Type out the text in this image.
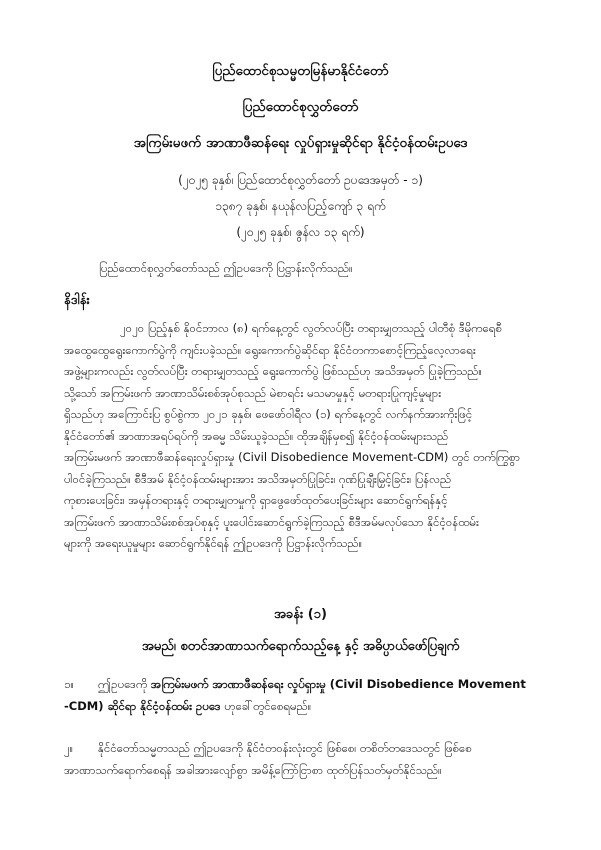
ပြည်ထောင်စုသမ္မတမြန်မာနိုင်ငံတော်
ပြည်ထောင်စုလွှတ်တော်
အကြမ်းမဖက် အာဏာဖီဆန်ရေး လှုပ်ရှားမှုဆိုင်ရာ နိုင်ငံ့ဝန်ထမ်းဥပဒေ
(၂၀၂၅ ခုနှစ်၊ ပြည်ထောင်စုလွှတ်တော် ဥပဒေအမှတ် - ၁)
၁၃၈၇ ခုနှစ်၊ နယုန်လပြည့်ကျော် ၃ ရက်
(၂၀၂၅ ခုနှစ်၊ ဇွန်လ ၁၃ ရက်)
ပြည်ထောင်စုလွှတ်တော်သည် ဤဥပဒေကို ပြဋ္ဌာန်းလိုက်သည်။
နိဒါန်း
၂၀၂၀ ပြည့်နှစ် နိုဝင်ဘာလ (၈) ရက်နေ့တွင် လွတ်လပ်ပြီး တရားမျှတသည့် ပါတီစုံ ဒီမိုကရေစီ
အထွေထွေရွေးကောက်ပွဲကို ကျင်းပခဲ့သည်။ ရွေးကောက်ပွဲဆိုင်ရာ နိုင်ငံတကာစောင့်ကြည့်လေ့လာရေး
အဖွဲ့များကလည်း လွတ်လပ်ပြီး တရားမျှတသည့် ရွေးကောက်ပွဲ ဖြစ်သည်ဟု အသိအမှတ် ပြုခဲ့ကြသည်။
သို့သော် အကြမ်းဖက် အာဏာသိမ်းစစ်အုပ်စုသည် မဲစာရင်း မသမာမှုနှင့် မတရားပြုကျင့်မှုများ
ရှိသည်ဟု အကြောင်းပြ စွပ်စွဲကာ ၂၀၂၁ ခုနှစ်၊ ဖေဖော်ဝါရီလ (၁) ရက်နေ့တွင် လက်နက်အားကိုးဖြင့်
နိုင်ငံတော်၏ အာဏာအရပ်ရပ်ကို အဓမ္မ သိမ်းယူခဲ့သည်။ ထိုအချိန်မှစ၍ နိုင်ငံ့ဝန်ထမ်းများသည်
အကြမ်းမဖက် အာဏာဖီဆန်ရေးလှုပ်ရှားမှု (Civil Disobedience Movement-CDM) တွင် တက်ကြွစွာ
ပါဝင်ခဲ့ကြသည်။ စီဒီအမ် နိုင်ငံ့ဝန်ထမ်းများအား အသိအမှတ်ပြုခြင်း၊ ဂုဏ်ပြုချီးမြှင့်ခြင်း၊ ပြန်လည်
ကုစားပေးခြင်း၊ အမှန်တရားနှင့် တရားမျှတမှုကို ရှာဖွေဖော်ထုတ်ပေးခြင်းများ ဆောင်ရွက်ရန်နှင့်
အကြမ်းဖက် အာဏာသိမ်းစစ်အုပ်စုနှင့် ပူးပေါင်းဆောင်ရွက်ခဲ့ကြသည့် စီဒီအမ်မလုပ်သော နိုင်ငံ့ဝန်ထမ်း
များကို အရေးယူမှုများ ဆောင်ရွက်နိုင်ရန် ဤဥပဒေကို ပြဋ္ဌာန်းလိုက်သည်။
အခန်း (၁)
အမည်၊ စတင်အာဏာသက်ရောက်သည့်နေ့ နှင့် အဓိပ္ပာယ်ဖော်ပြချက်
၁။ ဤဥပဒေကို အကြမ်းမဖက် အာဏာဖီဆန်ရေး လှုပ်ရှားမှု (Civil Disobedience Movement
-CDM) ဆိုင်ရာ နိုင်ငံ့ဝန်ထမ်း ဥပဒေ ဟုခေါ်တွင်စေရမည်။
၂။ နိုင်ငံတော်သမ္မတသည် ဤဥပဒေကို နိုင်ငံတဝန်းလုံးတွင် ဖြစ်စေ၊ တစိတ်တဒေသတွင် ဖြစ်စေ
အာဏာသက်ရောက်စေရန် အခါအားလျော်စွာ အမိန့်ကြော်ငြာစာ ထုတ်ပြန်သတ်မှတ်နိုင်သည်။
